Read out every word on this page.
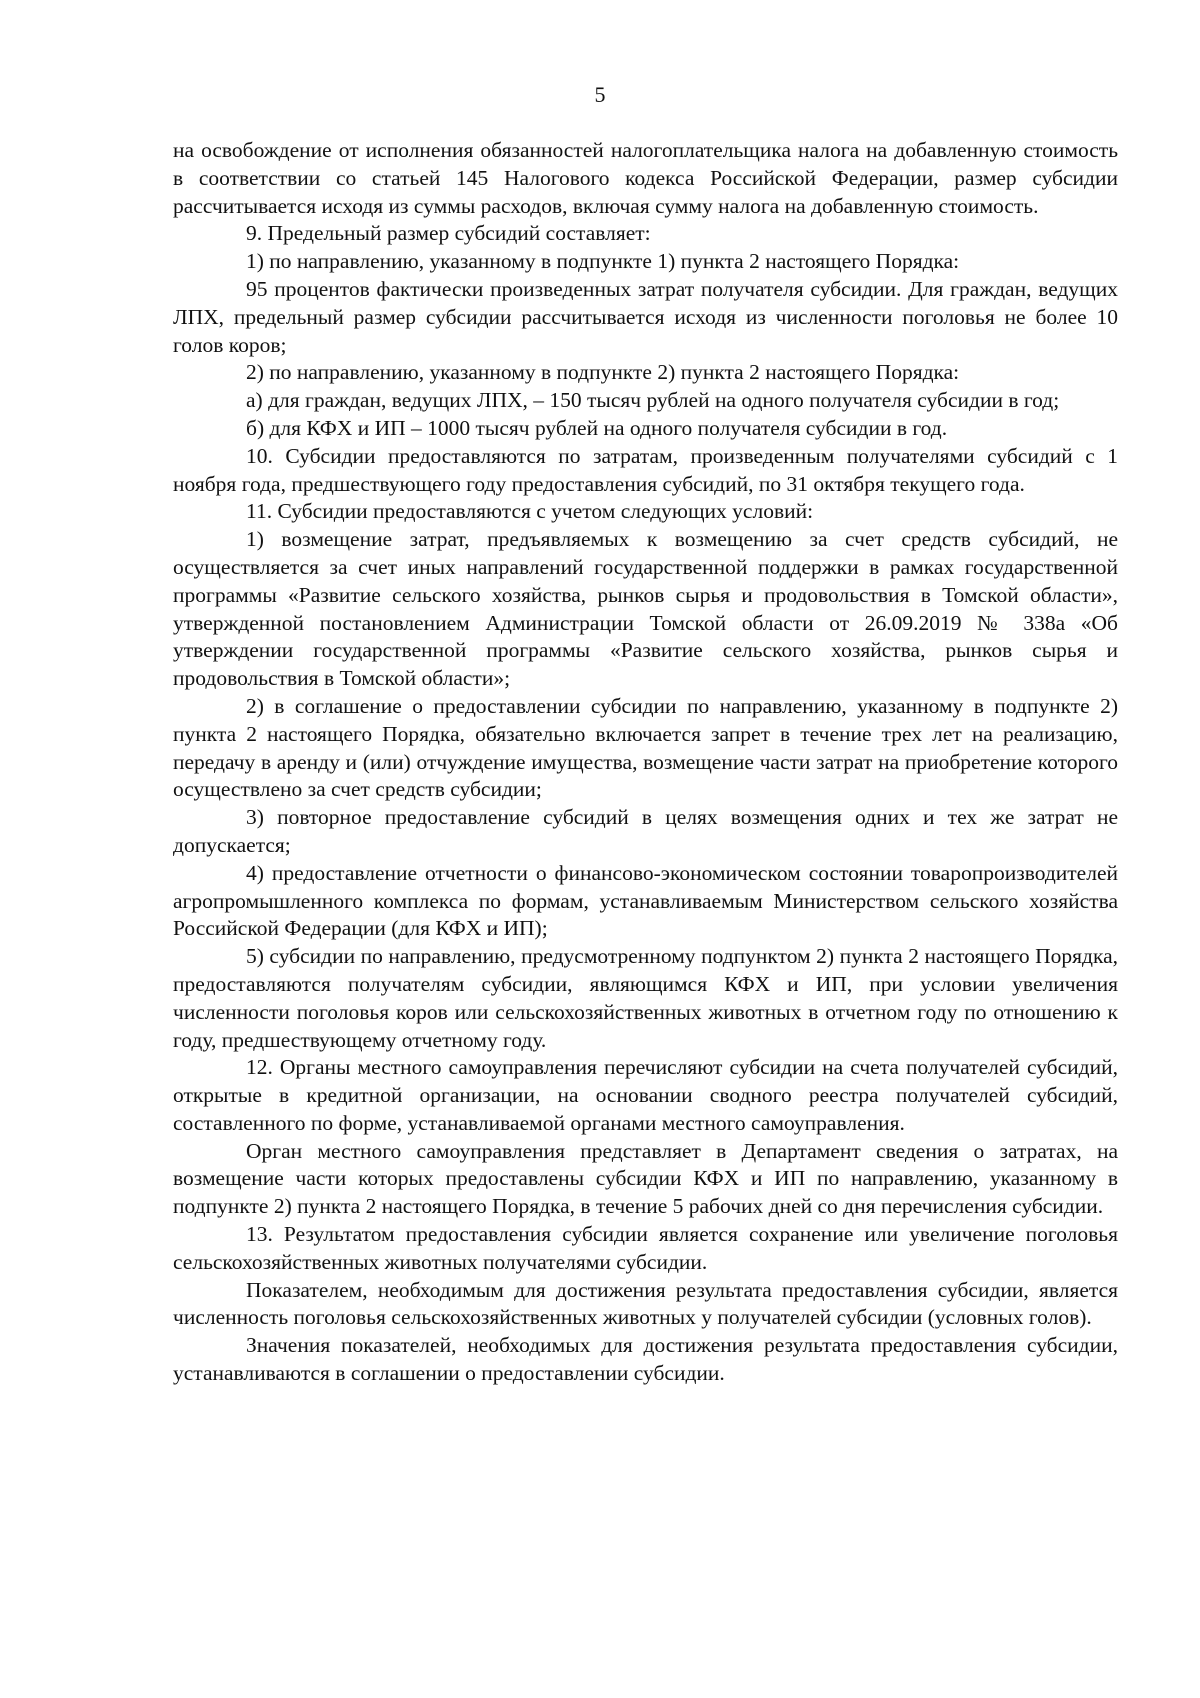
5

на освобождение от исполнения обязанностей налогоплательщика налога на добавленную стоимость в соответствии со статьей 145 Налогового кодекса Российской Федерации, размер субсидии рассчитывается исходя из суммы расходов, включая сумму налога на добавленную стоимость.

9. Предельный размер субсидий составляет:

1) по направлению, указанному в подпункте 1) пункта 2 настоящего Порядка:

95 процентов фактически произведенных затрат получателя субсидии. Для граждан, ведущих ЛПХ, предельный размер субсидии рассчитывается исходя из численности поголовья не более 10 голов коров;

2) по направлению, указанному в подпункте 2) пункта 2 настоящего Порядка:

а) для граждан, ведущих ЛПХ, – 150 тысяч рублей на одного получателя субсидии в год;

б) для КФХ и ИП – 1000 тысяч рублей на одного получателя субсидии в год.

10. Субсидии предоставляются по затратам, произведенным получателями субсидий с 1 ноября года, предшествующего году предоставления субсидий, по 31 октября текущего года.

11. Субсидии предоставляются с учетом следующих условий:

1) возмещение затрат, предъявляемых к возмещению за счет средств субсидий, не осуществляется за счет иных направлений государственной поддержки в рамках государственной программы «Развитие сельского хозяйства, рынков сырья и продовольствия в Томской области», утвержденной постановлением Администрации Томской области от 26.09.2019 № 338а «Об утверждении государственной программы «Развитие сельского хозяйства, рынков сырья и продовольствия в Томской области»;

2) в соглашение о предоставлении субсидии по направлению, указанному в подпункте 2) пункта 2 настоящего Порядка, обязательно включается запрет в течение трех лет на реализацию, передачу в аренду и (или) отчуждение имущества, возмещение части затрат на приобретение которого осуществлено за счет средств субсидии;

3) повторное предоставление субсидий в целях возмещения одних и тех же затрат не допускается;

4) предоставление отчетности о финансово-экономическом состоянии товаропроизводителей агропромышленного комплекса по формам, устанавливаемым Министерством сельского хозяйства Российской Федерации (для КФХ и ИП);

5) субсидии по направлению, предусмотренному подпунктом 2) пункта 2 настоящего Порядка, предоставляются получателям субсидии, являющимся КФХ и ИП, при условии увеличения численности поголовья коров или сельскохозяйственных животных в отчетном году по отношению к году, предшествующему отчетному году.

12. Органы местного самоуправления перечисляют субсидии на счета получателей субсидий, открытые в кредитной организации, на основании сводного реестра получателей субсидий, составленного по форме, устанавливаемой органами местного самоуправления.

Орган местного самоуправления представляет в Департамент сведения о затратах, на возмещение части которых предоставлены субсидии КФХ и ИП по направлению, указанному в подпункте 2) пункта 2 настоящего Порядка, в течение 5 рабочих дней со дня перечисления субсидии.

13. Результатом предоставления субсидии является сохранение или увеличение поголовья сельскохозяйственных животных получателями субсидии.

Показателем, необходимым для достижения результата предоставления субсидии, является численность поголовья сельскохозяйственных животных у получателей субсидии (условных голов).

Значения показателей, необходимых для достижения результата предоставления субсидии, устанавливаются в соглашении о предоставлении субсидии.
